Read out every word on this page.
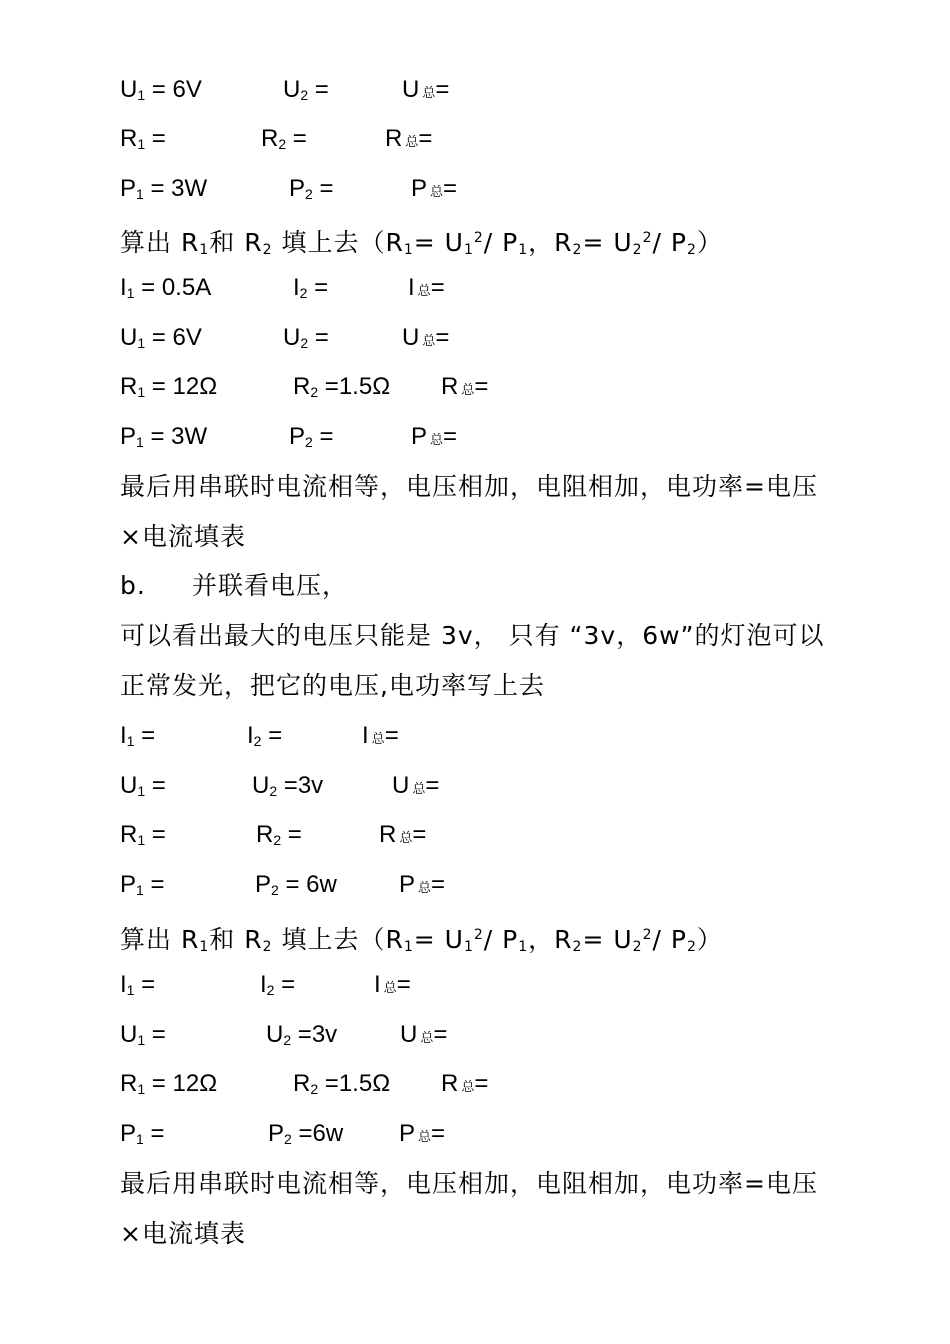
$U_1 = 6V$	$U_2$ =	U 总=
$R_1$ =	$R_2$ =	R 总=
$P_1 = 3W$	$P_2$ =	P 总=
算出 $R_1$和 $R_2$ 填上去（$R_1= U_1^2/$ $P_1$，$R_2= U_2^2/$ $P_2$）
$I_1 = 0.5A$	$I_2$ =	I 总=
$U_1 = 6V$	$U_2$ =	U 总=
$R_1 = 12\Omega$	$R_2 =1.5\Omega$ R 总=
$P_1 = 3W$	$P_2$ =	P 总=
最后用串联时电流相等，电压相加，电阻相加，电功率=电压
×电流填表
b. 并联看电压，
可以看出最大的电压只能是 3v， 只有 “3v，6w”的灯泡可以
正常发光，把它的电压,电功率写上去
$I_1$ =	$I_2$ =	I 总=
$U_1$ =	$U_2 =3v$	U 总=
$R_1$ =	$R_2$ =	R 总=
$P_1$ =	$P_2 = 6w$	P 总=
算出 $R_1$和 $R_2$ 填上去（$R_1= U_1^2/$ $P_1$，$R_2= U_2^2/$ $P_2$）
$I_1$ =	$I_2$ =	I 总=
$U_1$ =	$U_2 =3v$	U 总=
$R_1 = 12\Omega$	$R_2 =1.5\Omega$ R 总=
$P_1$ =	$P_2 =6w$ P 总=
最后用串联时电流相等，电压相加，电阻相加，电功率=电压
×电流填表
